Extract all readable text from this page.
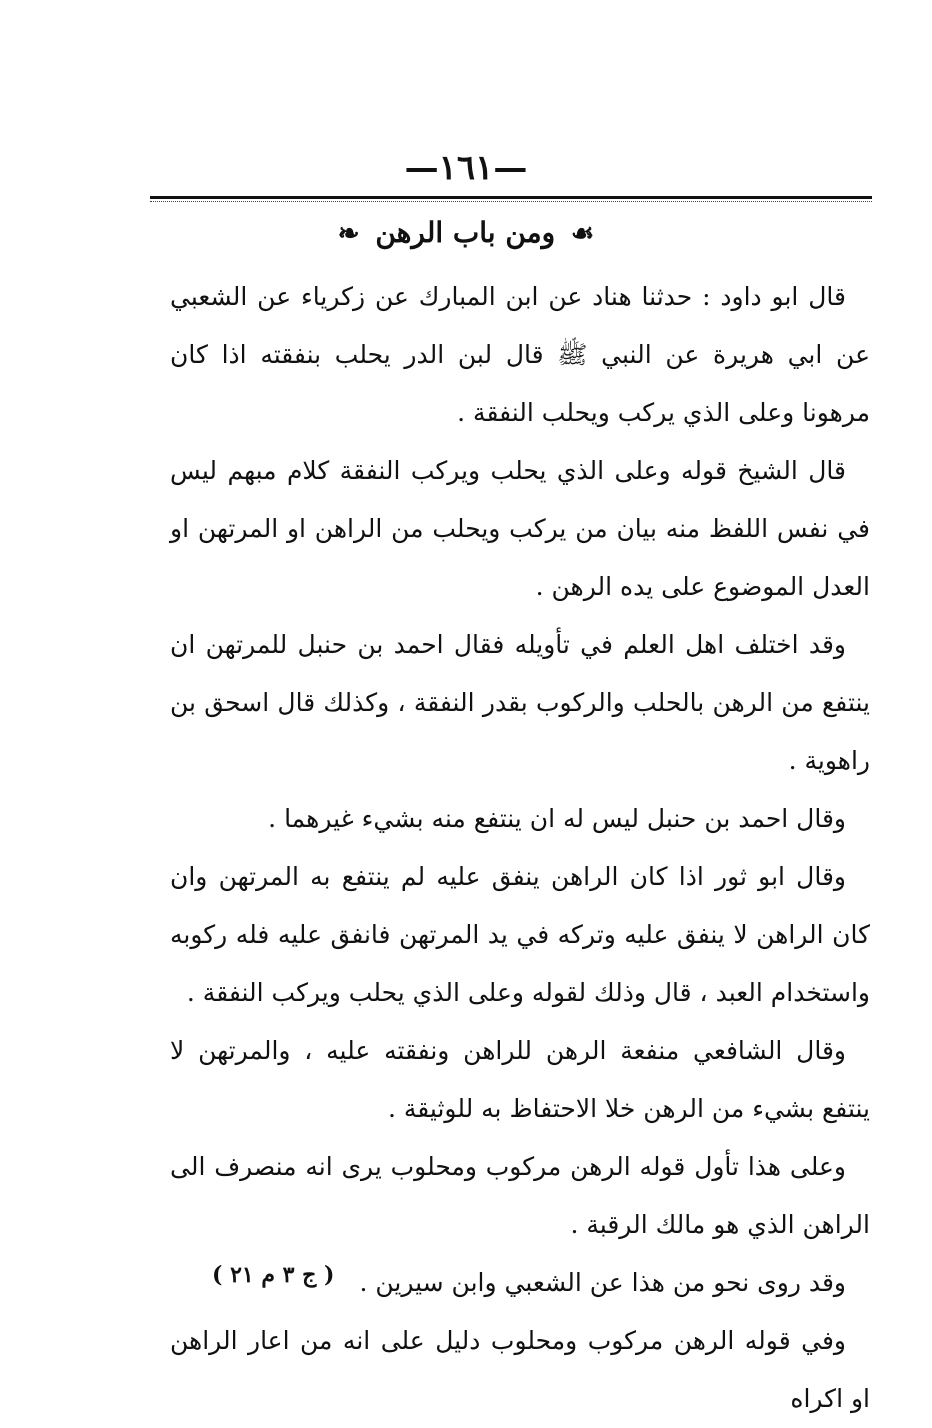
—١٦١—
☙ ومن باب الرهن ❧

قال ابو داود : حدثنا هناد عن ابن المبارك عن زكرياء عن الشعبي عن ابي هريرة عن النبي ﷺ قال لبن الدر يحلب بنفقته اذا كان مرهونا وعلى الذي يركب ويحلب النفقة .

قال الشيخ قوله وعلى الذي يحلب ويركب النفقة كلام مبهم ليس في نفس اللفظ منه بيان من يركب ويحلب من الراهن او المرتهن او العدل الموضوع على يده الرهن .

وقد اختلف اهل العلم في تأويله فقال احمد بن حنبل للمرتهن ان ينتفع من الرهن بالحلب والركوب بقدر النفقة ، وكذلك قال اسحق بن راهوية .

وقال احمد بن حنبل ليس له ان ينتفع منه بشيء غيرهما .

وقال ابو ثور اذا كان الراهن ينفق عليه لم ينتفع به المرتهن وان كان الراهن لا ينفق عليه وتركه في يد المرتهن فانفق عليه فله ركوبه واستخدام العبد ، قال وذلك لقوله وعلى الذي يحلب ويركب النفقة .

وقال الشافعي منفعة الرهن للراهن ونفقته عليه ، والمرتهن لا ينتفع بشيء من الرهن خلا الاحتفاظ به للوثيقة .

وعلى هذا تأول قوله الرهن مركوب ومحلوب يرى انه منصرف الى الراهن الذي هو مالك الرقبة .

وقد روى نحو من هذا عن الشعبي وابن سيرين .

وفي قوله الرهن مركوب ومحلوب دليل على انه من اعار الراهن او اكراه

( ج ٣ م ٢١ )
